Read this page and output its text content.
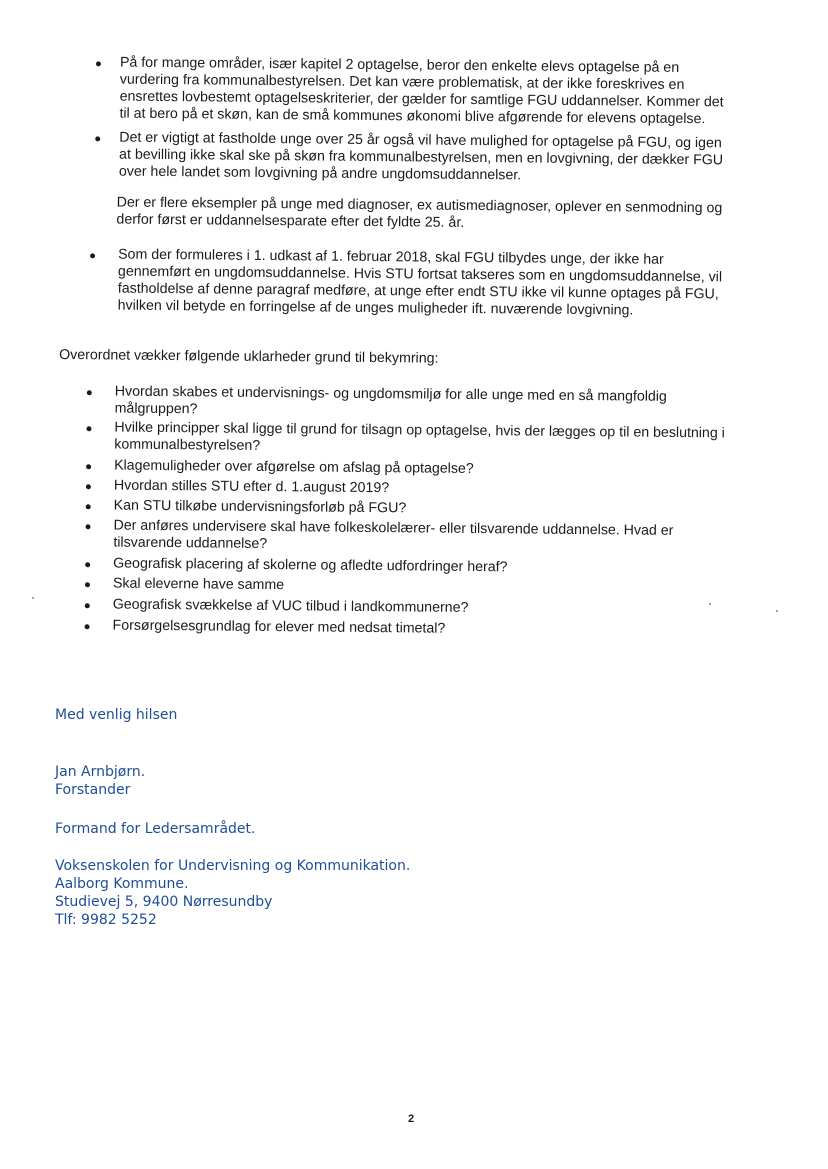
På for mange områder, især kapitel 2 optagelse, beror den enkelte elevs optagelse på en vurdering fra kommunalbestyrelsen. Det kan være problematisk, at der ikke foreskrives en ensrettes lovbestemt optagelseskriterier, der gælder for samtlige FGU uddannelser. Kommer det til at bero på et skøn, kan de små kommunes økonomi blive afgørende for elevens optagelse.
Det er vigtigt at fastholde unge over 25 år også vil have mulighed for optagelse på FGU, og igen at bevilling ikke skal ske på skøn fra kommunalbestyrelsen, men en lovgivning, der dækker FGU over hele landet som lovgivning på andre ungdomsuddannelser.
Der er flere eksempler på unge med diagnoser, ex autismediagnoser, oplever en senmodning og derfor først er uddannelsesparate efter det fyldte 25. år.
Som der formuleres i 1. udkast af 1. februar 2018, skal FGU tilbydes unge, der ikke har gennemført en ungdomsuddannelse. Hvis STU fortsat takseres som en ungdomsuddannelse, vil fastholdelse af denne paragraf medføre, at unge efter endt STU ikke vil kunne optages på FGU, hvilken vil betyde en forringelse af de unges muligheder ift. nuværende lovgivning.
Overordnet vækker følgende uklarheder grund til bekymring:
Hvordan skabes et undervisnings- og ungdomsmiljø for alle unge med en så mangfoldig målgruppen?
Hvilke principper skal ligge til grund for tilsagn op optagelse, hvis der lægges op til en beslutning i kommunalbestyrelsen?
Klagemuligheder over afgørelse om afslag på optagelse?
Hvordan stilles STU efter d. 1.august 2019?
Kan STU tilkøbe undervisningsforløb på FGU?
Der anføres undervisere skal have folkeskolelærer- eller tilsvarende uddannelse. Hvad er tilsvarende uddannelse?
Geografisk placering af skolerne og afledte udfordringer heraf?
Skal eleverne have samme
Geografisk svækkelse af VUC tilbud i landkommunerne?
Forsørgelsesgrundlag for elever med nedsat timetal?
Med venlig hilsen
Jan Arnbjørn.
Forstander
Formand for Ledersamrådet.
Voksenskolen for Undervisning og Kommunikation.
Aalborg Kommune.
Studievej 5, 9400 Nørresundby
Tlf: 9982 5252
2
